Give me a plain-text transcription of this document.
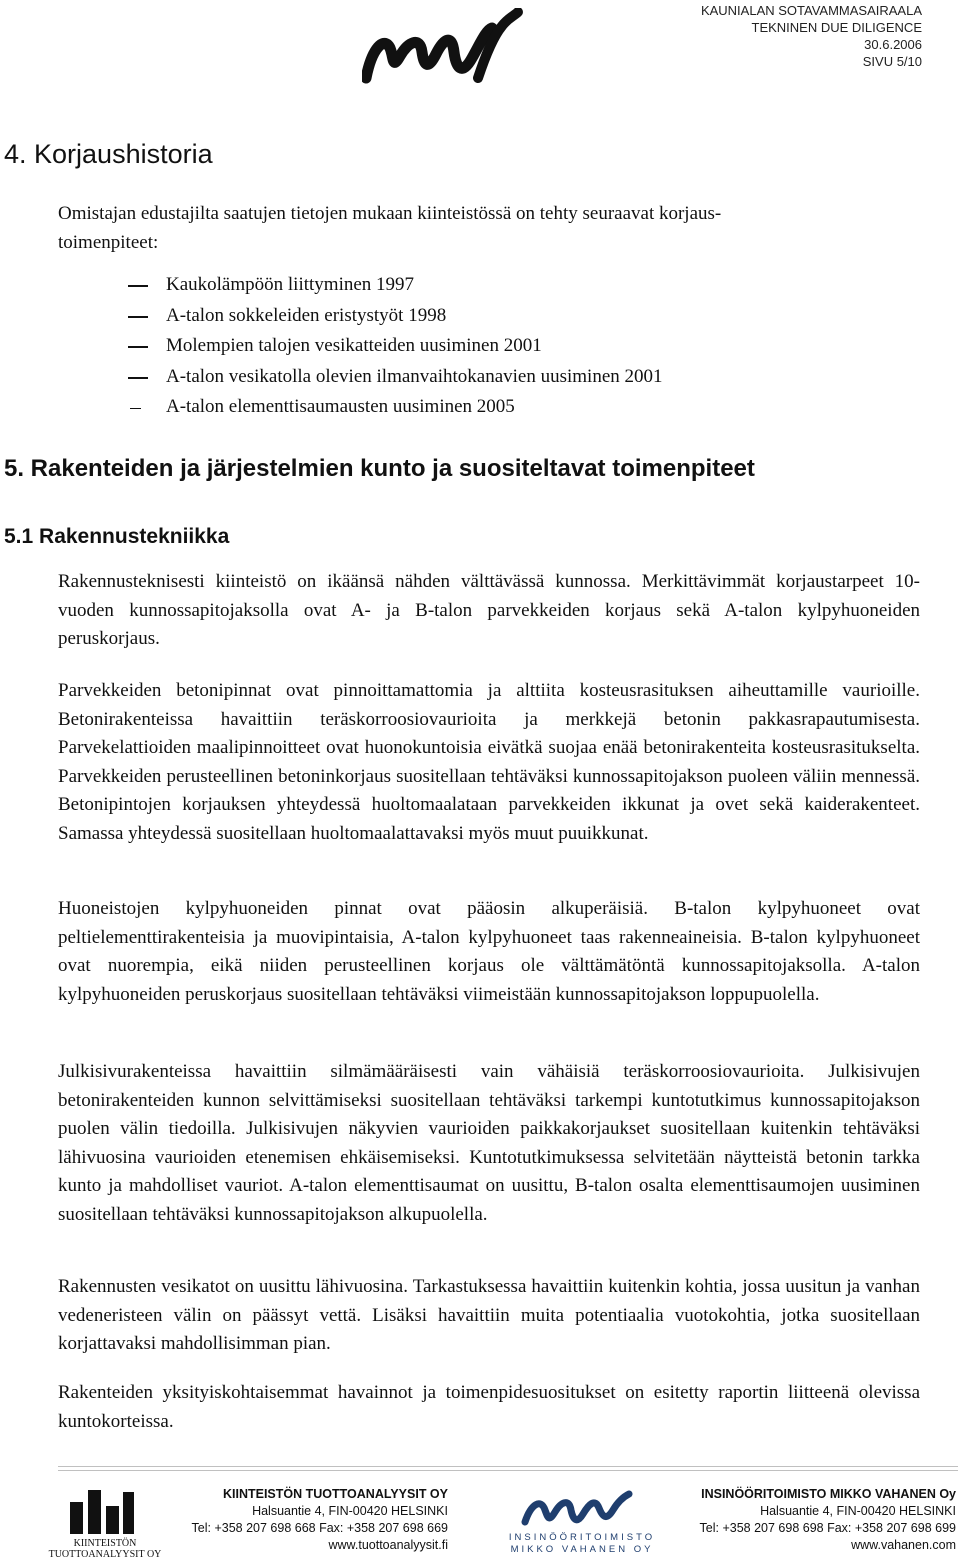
KAUNIALAN SOTAVAMMASAIRAALA
TEKNINEN DUE DILIGENCE
30.6.2006
SIVU 5/10
4. Korjaushistoria

Omistajan edustajilta saatujen tietojen mukaan kiinteistössä on tehty seuraavat korjaus-
toimenpiteet:

Kaukolämpöön liittyminen 1997
A-talon sokkeleiden eristystyöt 1998
Molempien talojen vesikatteiden uusiminen 2001
A-talon vesikatolla olevien ilmanvaihtokanavien uusiminen 2001
A-talon elementtisaumausten uusiminen 2005
5. Rakenteiden ja järjestelmien kunto ja suositeltavat toimenpiteet
5.1 Rakennustekniikka

Rakennusteknisesti kiinteistö on ikäänsä nähden välttävässä kunnossa. Merkittävimmät korjaustarpeet 10-vuoden kunnossapitojaksolla ovat A- ja B-talon parvekkeiden korjaus sekä A-talon kylpyhuoneiden peruskorjaus.

Parvekkeiden betonipinnat ovat pinnoittamattomia ja alttiita kosteusrasituksen aiheuttamille vaurioille. Betonirakenteissa havaittiin teräskorroosiovaurioita ja merkkejä betonin pakkasrapautumisesta. Parvekelattioiden maalipinnoitteet ovat huonokuntoisia eivätkä suojaa enää betonirakenteita kosteusrasitukselta. Parvekkeiden perusteellinen betoninkorjaus suositellaan tehtäväksi kunnossapitojakson puoleen väliin mennessä. Betonipintojen korjauksen yhteydessä huoltomaalataan parvekkeiden ikkunat ja ovet sekä kaiderakenteet. Samassa yhteydessä suositellaan huoltomaalattavaksi myös muut puuikkunat.

Huoneistojen kylpyhuoneiden pinnat ovat pääosin alkuperäisiä. B-talon kylpyhuoneet ovat peltielementtirakenteisia ja muovipintaisia, A-talon kylpyhuoneet taas rakenneaineisia. B-talon kylpyhuoneet ovat nuorempia, eikä niiden perusteellinen korjaus ole välttämätöntä kunnossapitojaksolla. A-talon kylpyhuoneiden peruskorjaus suositellaan tehtäväksi viimeistään kunnossapitojakson loppupuolella.

Julkisivurakenteissa havaittiin silmämääräisesti vain vähäisiä teräskorroosiovaurioita. Julkisivujen betonirakenteiden kunnon selvittämiseksi suositellaan tehtäväksi tarkempi kuntotutkimus kunnossapitojakson puolen välin tiedoilla. Julkisivujen näkyvien vaurioiden paikkakorjaukset suositellaan kuitenkin tehtäväksi lähivuosina vaurioiden etenemisen ehkäisemiseksi. Kuntotutkimuksessa selvitetään näytteistä betonin tarkka kunto ja mahdolliset vauriot. A-talon elementtisaumat on uusittu, B-talon osalta elementtisaumojen uusiminen suositellaan tehtäväksi kunnossapitojakson alkupuolella.

Rakennusten vesikatot on uusittu lähivuosina. Tarkastuksessa havaittiin kuitenkin kohtia, jossa uusitun ja vanhan vedeneristeen välin on päässyt vettä. Lisäksi havaittiin muita potentiaalia vuotokohtia, jotka suositellaan korjattavaksi mahdollisimman pian.

Rakenteiden yksityiskohtaisemmat havainnot ja toimenpidesuositukset on esitetty raportin liitteenä olevissa kuntokorteissa.

KIINTEISTÖN
TUOTTOANALYYSIT OY
KIINTEISTÖN TUOTTOANALYYSIT OY
Halsuantie 4, FIN-00420 HELSINKI
Tel: +358 207 698 668 Fax: +358 207 698 669
www.tuottoanalyysit.fi
INSINÖÖRITOIMISTO
MIKKO VAHANEN OY
INSINÖÖRITOIMISTO MIKKO VAHANEN Oy
Halsuantie 4, FIN-00420 HELSINKI
Tel: +358 207 698 698 Fax: +358 207 698 699
www.vahanen.com
